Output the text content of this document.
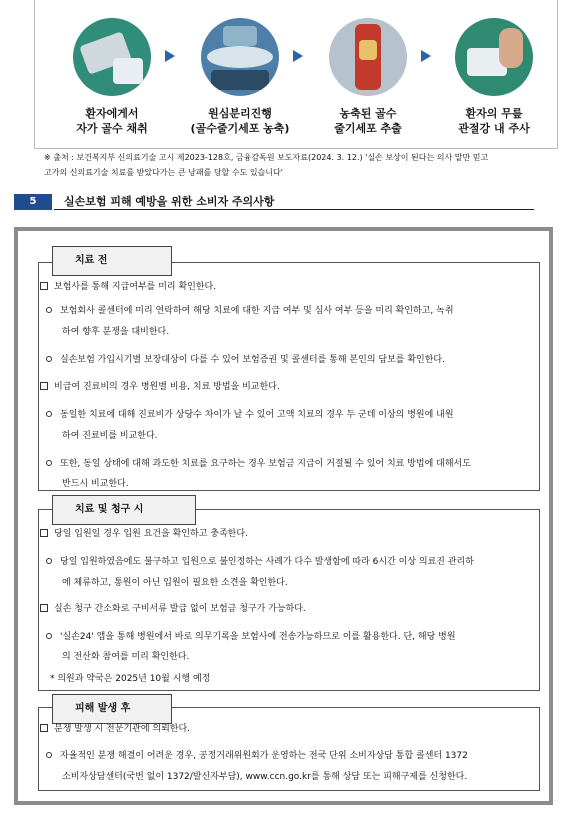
환자에게서
자가 골수 채취
원심분리진행
(골수줄기세포 농축)
농축된 골수
줄기세포 추출
환자의 무릎
관절강 내 주사
※ 출처 : 보건복지부 신의료기술 고시 제2023-128호, 금융감독원 보도자료(2024. 3. 12.) '실손 보상이 된다는 의사 말만 믿고
고가의 신의료기술 치료를 받았다가는 큰 낭패를 당할 수도 있습니다'
5	실손보험 피해 예방을 위한 소비자 주의사항
치료 전
보험사를 통해 지급여부를 미리 확인한다.
보험회사 콜센터에 미리 연락하여 해당 치료에 대한 지급 여부 및 심사 여부 등을 미리 확인하고, 녹취
하여 향후 분쟁을 대비한다.
실손보험 가입시기별 보장대상이 다를 수 있어 보험증권 및 콜센터를 통해 본인의 담보를 확인한다.
비급여 진료비의 경우 병원별 비용, 치료 방법을 비교한다.
동일한 치료에 대해 진료비가 상당수 차이가 날 수 있어 고액 치료의 경우 두 군데 이상의 병원에 내원
하여 진료비를 비교한다.
또한, 동일 상태에 대해 과도한 치료를 요구하는 경우 보험금 지급이 거절될 수 있어 치료 방법에 대해서도
반드시 비교한다.
치료 및 청구 시
당일 입원일 경우 입원 요건을 확인하고 충족한다.
당일 입원하였음에도 불구하고 입원으로 불인정하는 사례가 다수 발생함에 따라 6시간 이상 의료진 관리하
에 체류하고, 통원이 아닌 입원이 필요한 소견을 확인한다.
실손 청구 간소화로 구비서류 발급 없이 보험금 청구가 가능하다.
'실손24' 앱을 통해 병원에서 바로 의무기록을 보험사에 전송가능하므로 이를 활용한다. 단, 해당 병원
의 전산화 참여를 미리 확인한다.
* 의원과 약국은 2025년 10월 시행 예정
피해 발생 후
분쟁 발생 시 전문기관에 의뢰한다.
자율적인 분쟁 해결이 어려운 경우, 공정거래위원회가 운영하는 전국 단위 소비자상담 통합 콜센터 1372
소비자상담센터(국번 없이 1372/발신자부담), www.ccn.go.kr를 통해 상담 또는 피해구제를 신청한다.
